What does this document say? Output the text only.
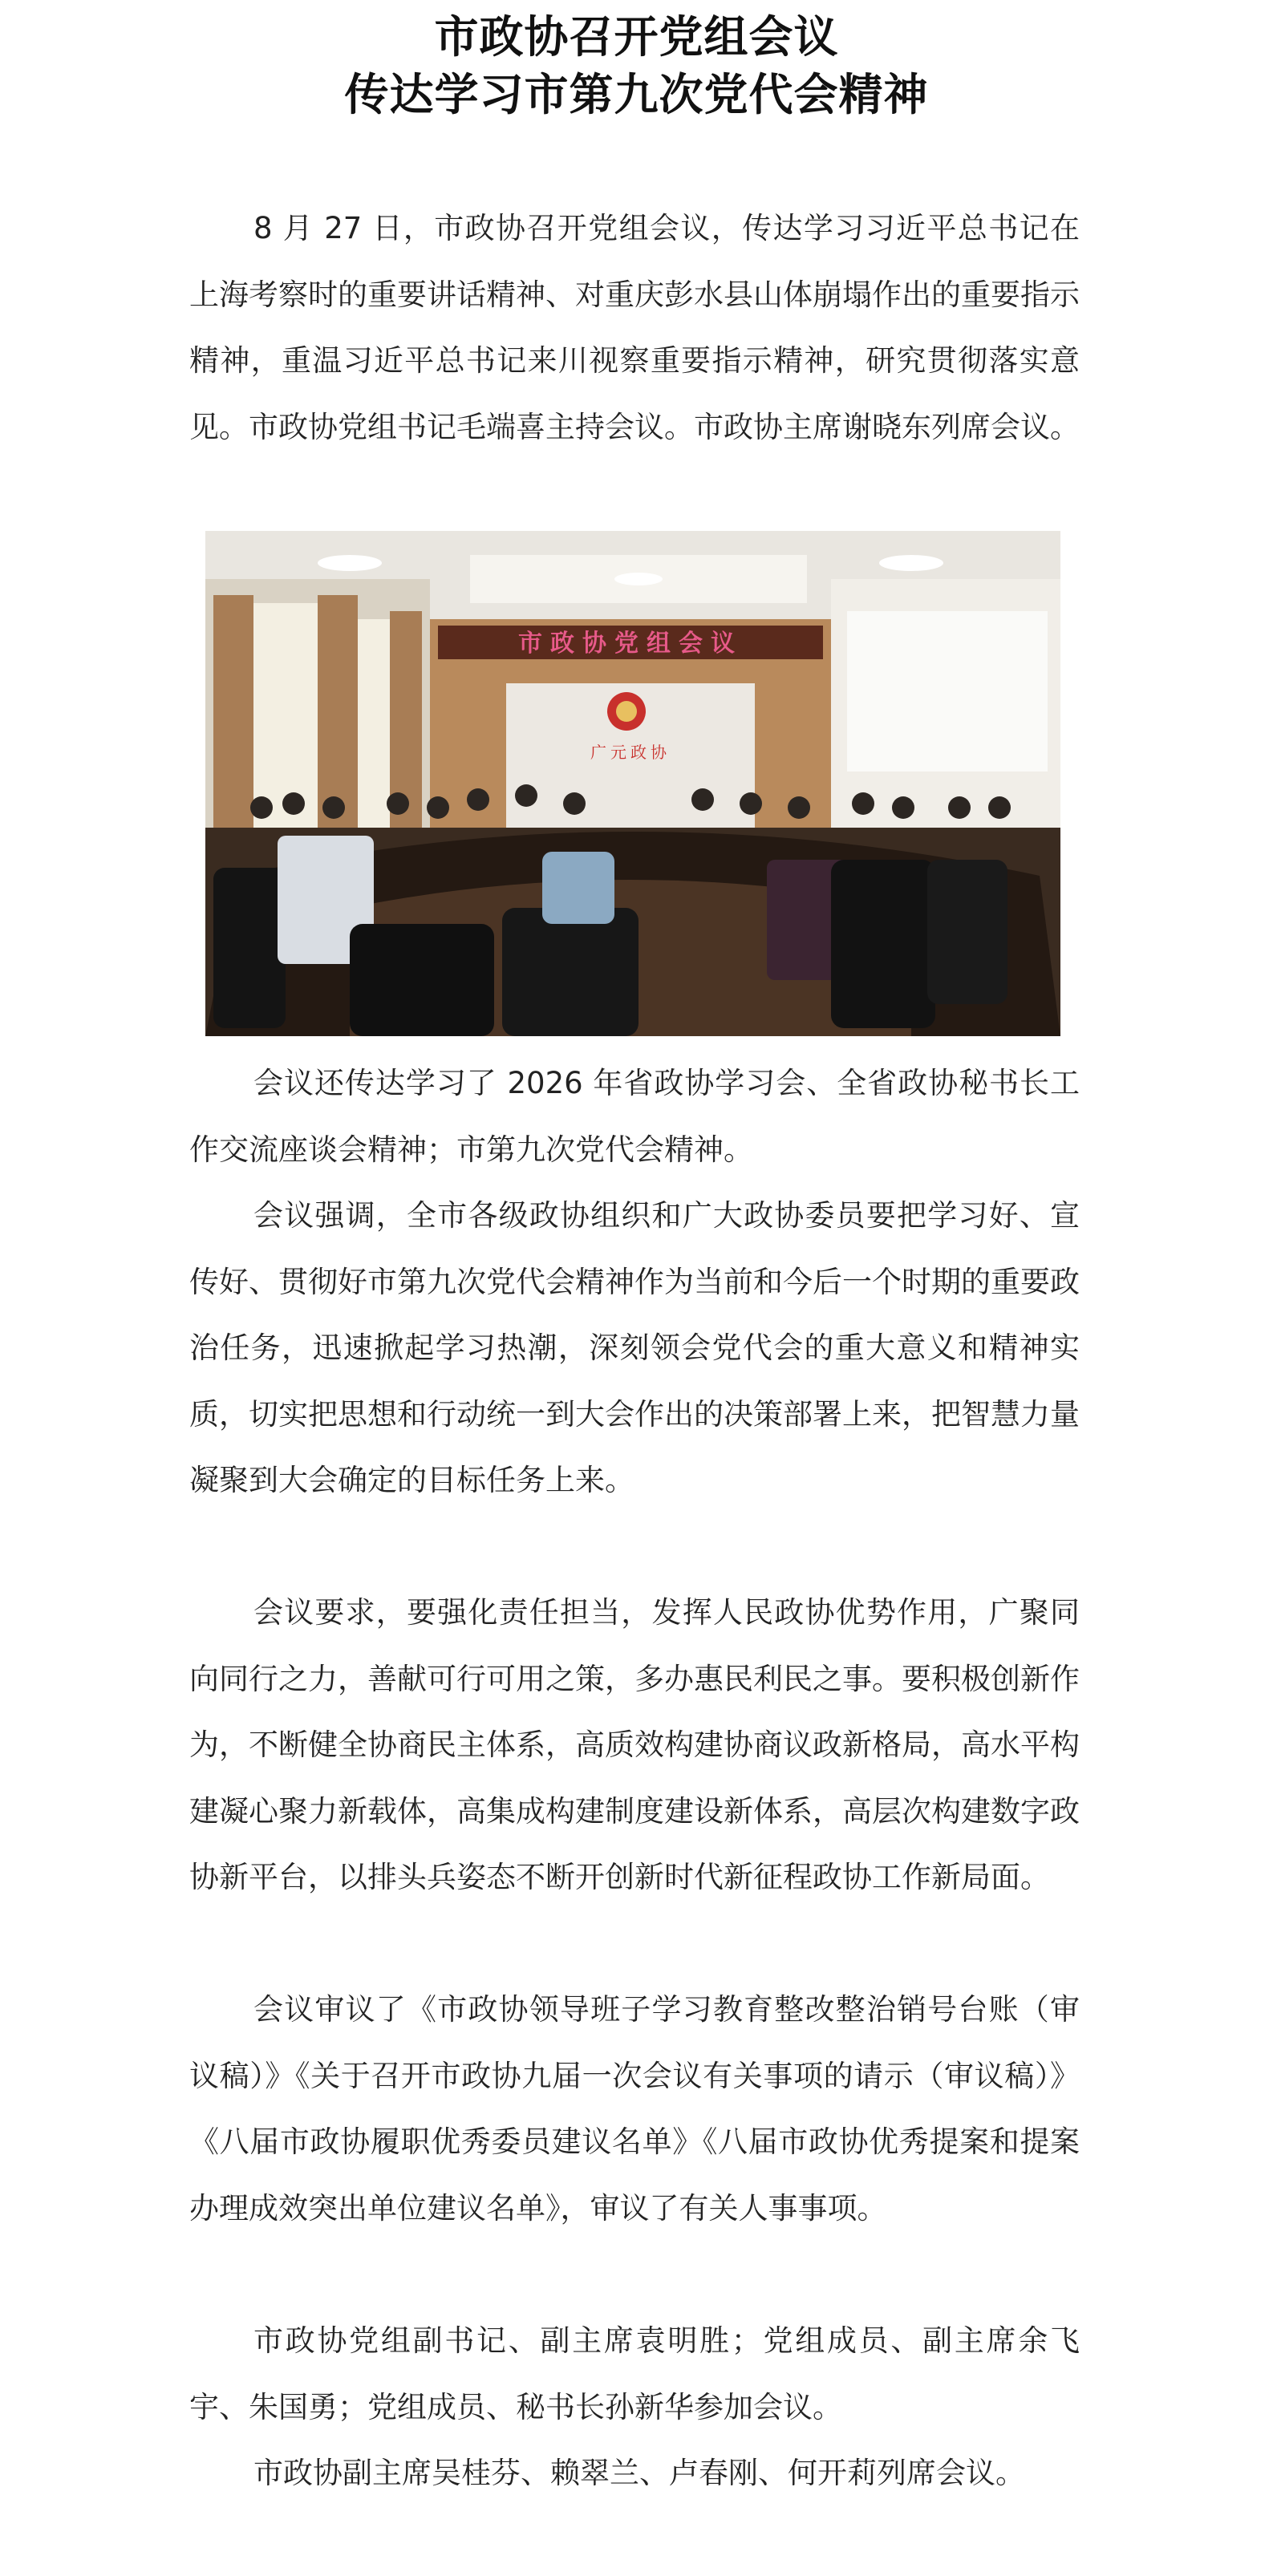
市政协召开党组会议
传达学习市第九次党代会精神

8 月 27 日，市政协召开党组会议，传达学习习近平总书记在上海考察时的重要讲话精神、对重庆彭水县山体崩塌作出的重要指示精神，重温习近平总书记来川视察重要指示精神，研究贯彻落实意见。市政协党组书记毛端喜主持会议。市政协主席谢晓东列席会议。

市政协党组会议
广元政协

会议还传达学习了 2026 年省政协学习会、全省政协秘书长工作交流座谈会精神；市第九次党代会精神。

会议强调，全市各级政协组织和广大政协委员要把学习好、宣传好、贯彻好市第九次党代会精神作为当前和今后一个时期的重要政治任务，迅速掀起学习热潮，深刻领会党代会的重大意义和精神实质，切实把思想和行动统一到大会作出的决策部署上来，把智慧力量凝聚到大会确定的目标任务上来。

会议要求，要强化责任担当，发挥人民政协优势作用，广聚同向同行之力，善献可行可用之策，多办惠民利民之事。要积极创新作为，不断健全协商民主体系，高质效构建协商议政新格局，高水平构建凝心聚力新载体，高集成构建制度建设新体系，高层次构建数字政协新平台，以排头兵姿态不断开创新时代新征程政协工作新局面。

会议审议了《市政协领导班子学习教育整改整治销号台账（审议稿）》《关于召开市政协九届一次会议有关事项的请示（审议稿）》《八届市政协履职优秀委员建议名单》《八届市政协优秀提案和提案办理成效突出单位建议名单》，审议了有关人事事项。

市政协党组副书记、副主席袁明胜；党组成员、副主席余飞宇、朱国勇；党组成员、秘书长孙新华参加会议。

市政协副主席吴桂芬、赖翠兰、卢春刚、何开莉列席会议。
